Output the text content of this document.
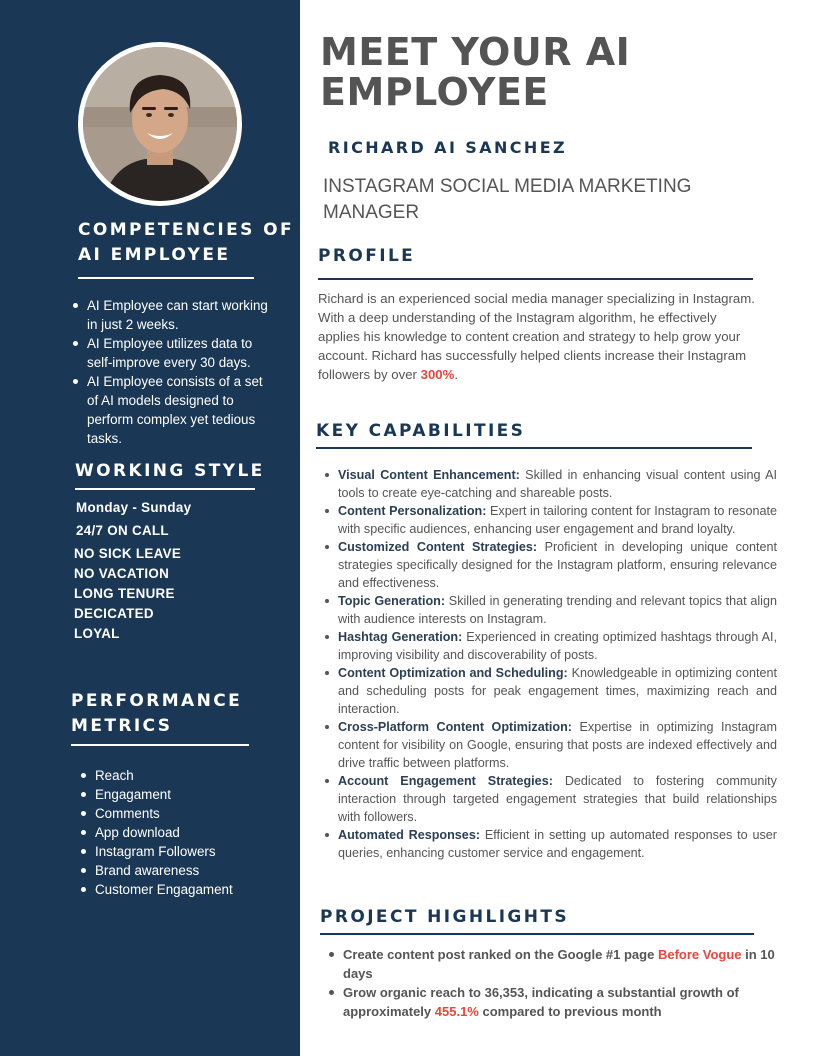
COMPETENCIES OF
AI EMPLOYEE
AI Employee can start working in just 2 weeks.
AI Employee utilizes data to self-improve every 30 days.
AI Employee consists of a set of AI models designed to perform complex yet tedious tasks.
WORKING STYLE
Monday - Sunday
24/7 ON CALL
NO SICK LEAVE
NO VACATION
LONG TENURE
DECICATED
LOYAL
PERFORMANCE
METRICS
Reach
Engagament
Comments
App download
Instagram Followers
Brand awareness
Customer Engagament
MEET YOUR AI
EMPLOYEE
RICHARD AI SANCHEZ
INSTAGRAM SOCIAL MEDIA MARKETING MANAGER
PROFILE

Richard is an experienced social media manager specializing in Instagram. With a deep understanding of the Instagram algorithm, he effectively applies his knowledge to content creation and strategy to help grow your account. Richard has successfully helped clients increase their Instagram followers by over 300%.

KEY CAPABILITIES
Visual Content Enhancement: Skilled in enhancing visual content using AI tools to create eye-catching and shareable posts.
Content Personalization: Expert in tailoring content for Instagram to resonate with specific audiences, enhancing user engagement and brand loyalty.
Customized Content Strategies: Proficient in developing unique content strategies specifically designed for the Instagram platform, ensuring relevance and effectiveness.
Topic Generation: Skilled in generating trending and relevant topics that align with audience interests on Instagram.
Hashtag Generation: Experienced in creating optimized hashtags through AI, improving visibility and discoverability of posts.
Content Optimization and Scheduling: Knowledgeable in optimizing content and scheduling posts for peak engagement times, maximizing reach and interaction.
Cross-Platform Content Optimization: Expertise in optimizing Instagram content for visibility on Google, ensuring that posts are indexed effectively and drive traffic between platforms.
Account Engagement Strategies: Dedicated to fostering community interaction through targeted engagement strategies that build relationships with followers.
Automated Responses: Efficient in setting up automated responses to user queries, enhancing customer service and engagement.
PROJECT HIGHLIGHTS
Create content post ranked on the Google #1 page Before Vogue in 10 days
Grow organic reach to 36,353, indicating a substantial growth of approximately 455.1% compared to previous month
